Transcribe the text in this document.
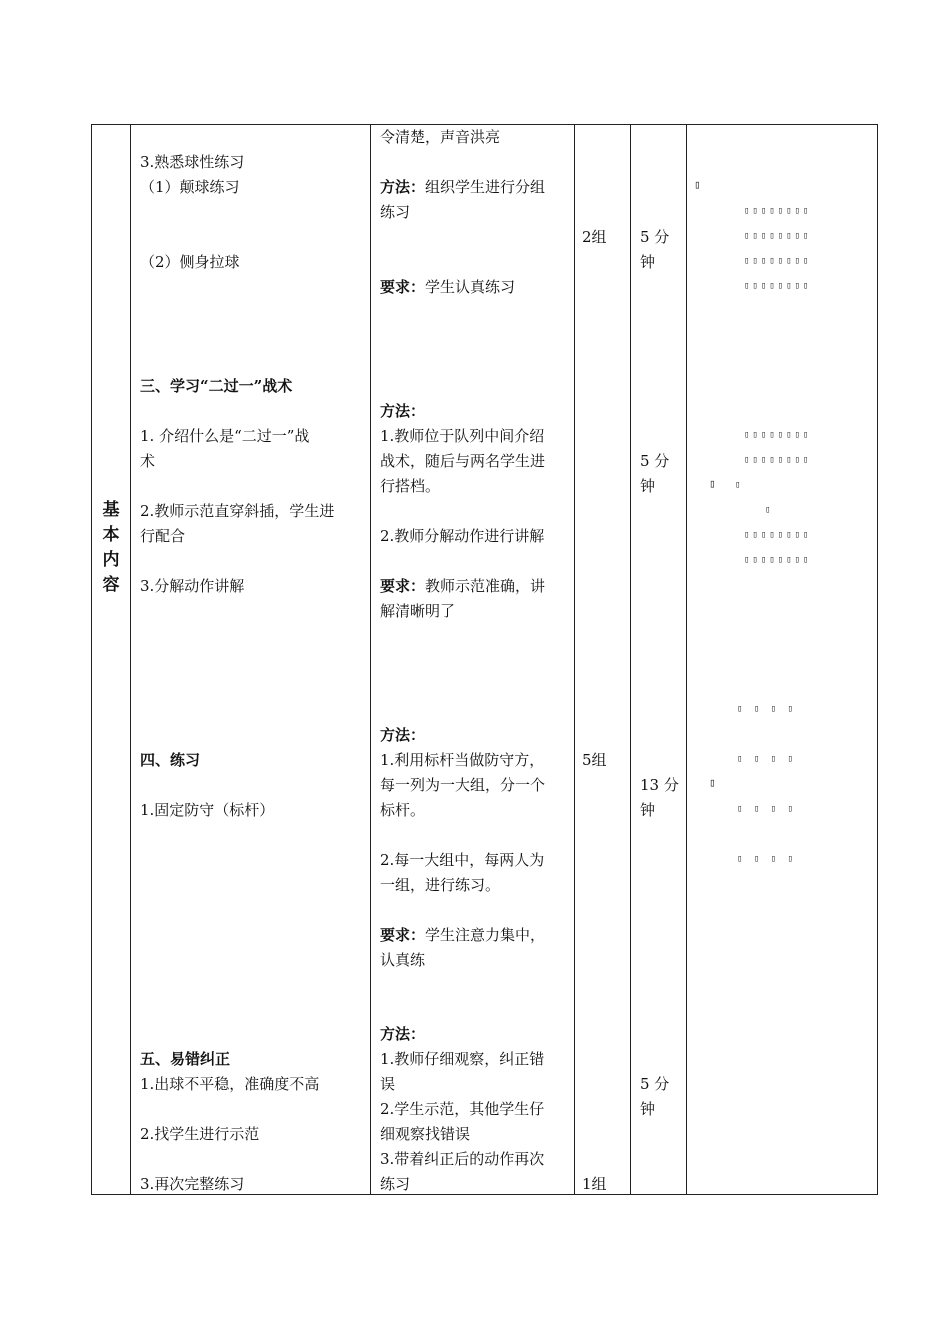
基本内容
3.熟悉球性练习
（1）颠球练习
（2）侧身拉球
三、学习“二过一”战术
1. 介绍什么是“二过一”战
术
2.教师示范直穿斜插，学生进
行配合
3.分解动作讲解
四、练习
1.固定防守（标杆）
五、易错纠正
1.出球不平稳，准确度不高
2.找学生进行示范
3.再次完整练习
令清楚，声音洪亮
方法：组织学生进行分组
练习
要求：学生认真练习
方法：
1.教师位于队列中间介绍
战术，随后与两名学生进
行搭档。
2.教师分解动作进行讲解
要求：教师示范准确，讲
解清晰明了
方法：
1.利用标杆当做防守方，
每一列为一大组，分一个
标杆。
2.每一大组中，每两人为
一组，进行练习。
要求：学生注意力集中，
认真练
方法：
1.教师仔细观察，纠正错
误
2.学生示范，其他学生仔
细观察找错误
3.带着纠正后的动作再次
练习
2组
5组
1组
5 分
钟
5 分
钟
13 分
钟
5 分
钟
▯
▯▯▯▯▯▯▯▯
▯▯▯▯▯▯▯▯
▯▯▯▯▯▯▯▯
▯▯▯▯▯▯▯▯
▯▯▯▯▯▯▯▯
▯▯▯▯▯▯▯▯
▯ ▯
▯
▯▯▯▯▯▯▯▯
▯▯▯▯▯▯▯▯
▯ ▯ ▯ ▯
▯ ▯ ▯ ▯
▯
▯ ▯ ▯ ▯
▯ ▯ ▯ ▯
